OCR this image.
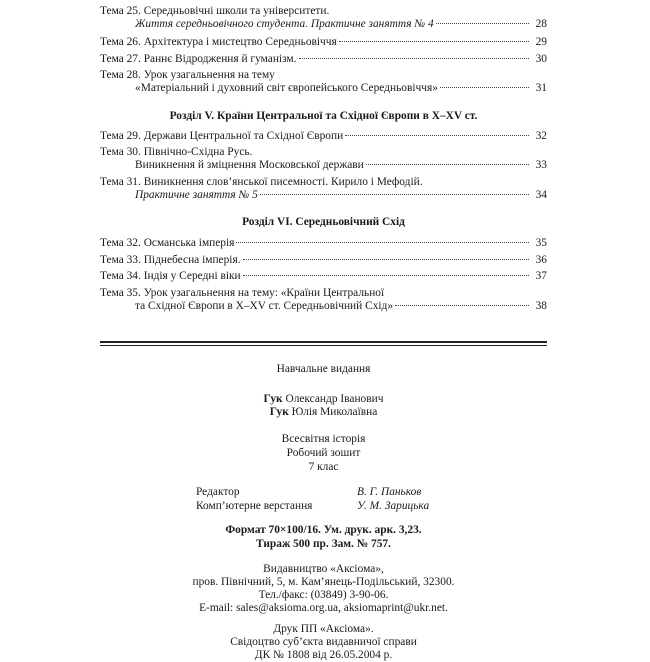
Тема 25. Середньовічні школи та університети.
Життя середньовічного студента. Практичне заняття № 4	28
Тема 26. Архітектура і мистецтво Середньовіччя	29
Тема 27. Раннє Відродження й гуманізм.	30
Тема 28. Урок узагальнення на тему
«Матеріальний і духовний світ європейського Середньовіччя»	31
Розділ V. Країни Центральної та Східної Європи в X–XV ст.
Тема 29. Держави Центральної та Східної Європи	32
Тема 30. Північно-Східна Русь.
Виникнення й зміцнення Московської держави	33
Тема 31. Виникнення слов’янської писемності. Кирило і Мефодій.
Практичне заняття № 5	34
Розділ VI. Середньовічний Схід
Тема 32. Османська імперія	35
Тема 33. Піднебесна імперія.	36
Тема 34. Індія у Середні віки	37
Тема 35. Урок узагальнення на тему: «Країни Центральної
та Східної Європи в X–XV ст. Середньовічний Схід»	38
Навчальне видання
Гук Олександр Іванович
Гук Юлія Миколаївна
Всесвітня історія
Робочий зошит
7 клас
Редактор	В. Г. Паньков
Комп’ютерне верстання	У. М. Зарицька
Формат 70×100/16. Ум. друк. арк. 3,23.
Тираж 500 пр. Зам. № 757.
Видавництво «Аксіома»,
пров. Північний, 5, м. Кам’янець-Подільський, 32300.
Тел./факс: (03849) 3-90-06.
E-mail: sales@aksioma.org.ua, aksiomaprint@ukr.net.
Друк ПП «Аксіома».
Свідоцтво суб’єкта видавничої справи
ДК № 1808 від 26.05.2004 р.
